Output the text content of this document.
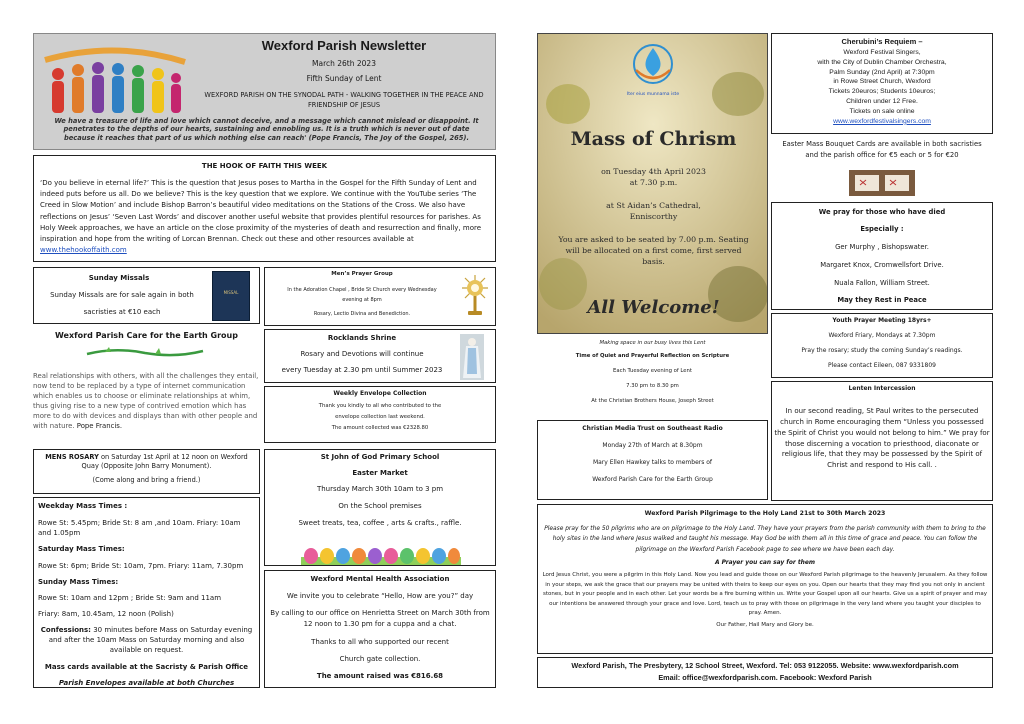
Wexford Parish Newsletter
March 26th 2023
Fifth Sunday of Lent
WEXFORD PARISH ON THE SYNODAL PATH - WALKING TOGETHER IN THE PEACE AND FRIENDSHIP OF JESUS
We have a treasure of life and love which cannot deceive, and a message which cannot mislead or disappoint. It penetrates to the depths of our hearts, sustaining and ennobling us. It is a truth which is never out of date because it reaches that part of us which nothing else can reach' (Pope Francis, The Joy of the Gospel, 265).
THE HOOK OF FAITH THIS WEEK

‘Do you believe in eternal life?’ This is the question that Jesus poses to Martha in the Gospel for the Fifth Sunday of Lent and indeed puts before us all. Do we believe? This is the key question that we explore. We continue with the YouTube series ‘The Creed in Slow Motion’ and include Bishop Barron’s beautiful video meditations on the Stations of the Cross. We also have reflections on Jesus’ ‘Seven Last Words’ and discover another useful website that provides plentiful resources for parishes. As Holy Week approaches, we have an article on the close proximity of the mysteries of death and resurrection and finally, more inspiration and hope from the writing of Lorcan Brennan. Check out these and other resources available at www.thehookoffaith.com

Sunday Missals
Sunday Missals are for sale again in both
sacristies at €10 each
MISSAL
Men’s Prayer Group
In the Adoration Chapel , Bride St Church every Wednesday
evening at 8pm
Rosary, Lectio Divina and Benediction.
Wexford Parish Care for the Earth Group

Real relationships with others, with all the challenges they entail, now tend to be replaced by a type of internet communication which enables us to choose or eliminate relationships at whim, thus giving rise to a new type of contrived emotion which has more to do with devices and displays than with other people and with nature. Pope Francis.

Rocklands Shrine
Rosary and Devotions will continue
every Tuesday at 2.30 pm until Summer 2023
Weekly Envelope Collection
Thank you kindly to all who contributed to the
envelope collection last weekend.
The amount collected was €2328.80

MENS ROSARY on Saturday 1st April at 12 noon on Wexford Quay (Opposite John Barry Monument).

(Come along and bring a friend.)
St John of God Primary School
Easter Market
Thursday March 30th 10am to 3 pm
On the School premises
Sweet treats, tea, coffee , arts & crafts., raffle.
Weekday Mass Times :
Rowe St: 5.45pm; Bride St: 8 am ,and 10am. Friary: 10am and 1.05pm
Saturday Mass Times:
Rowe St: 6pm; Bride St: 10am, 7pm. Friary: 11am, 7.30pm
Sunday Mass Times:
Rowe St: 10am and 12pm ; Bride St: 9am and 11am
Friary: 8am, 10.45am, 12 noon (Polish)

Confessions: 30 minutes before Mass on Saturday evening and after the 10am Mass on Saturday morning and also available on request.

Mass cards available at the Sacristy & Parish Office
Parish Envelopes available at both Churches
Wexford Mental Health Association
We invite you to celebrate “Hello, How are you?” day
By calling to our office on Henrietta Street on March 30th from 12 noon to 1.30 pm for a cuppa and a chat.
Thanks to all who supported our recent
Church gate collection.
The amount raised was €816.68
Iter eius munnama iste
Mass of Chrism
on Tuesday 4th April 2023
at 7.30 p.m.
at St Aidan’s Cathedral,
Enniscorthy
You are asked to be seated by 7.00 p.m. Seating will be allocated on a first come, first served basis.
All Welcome!
Making space in our busy lives this Lent
Time of Quiet and Prayerful Reflection on Scripture
Each Tuesday evening of Lent
7.30 pm to 8.30 pm
At the Christian Brothers House, Joseph Street
Christian Media Trust on Southeast Radio
Monday 27th of March at 8.30pm
Mary Ellen Hawkey talks to members of
Wexford Parish Care for the Earth Group
Cherubini’s Requiem –
Wexford Festival Singers,
with the City of Dublin Chamber Orchestra,
Palm Sunday (2nd April) at 7:30pm
in Rowe Street Church, Wexford
Tickets 20euros; Students 10euros;
Children under 12 Free.
Tickets on sale online
www.wexfordfestivalsingers.com
Easter Mass Bouquet Cards are available in both sacristies and the parish office for €5 each or 5 for €20
We pray for those who have died
Especially :
Ger Murphy , Bishopswater.
Margaret Knox, Cromwellsfort Drive.
Nuala Fallon, William Street.
May they Rest in Peace
Youth Prayer Meeting 18yrs+
Wexford Friary, Mondays at 7.30pm
Pray the rosary; study the coming Sunday’s readings.
Please contact Eileen, 087 9331809
Lenten Intercession
In our second reading, St Paul writes to the persecuted church in Rome encouraging them “Unless you possessed the Spirit of Christ you would not belong to him.” We pray for those discerning a vocation to priesthood, diaconate or religious life, that they may be possessed by the Spirit of Christ and respond to His call. .
Wexford Parish Pilgrimage to the Holy Land 21st to 30th March 2023
Please pray for the 50 pilgrims who are on pilgrimage to the Holy Land. They have your prayers from the parish community with them to bring to the holy sites in the land where Jesus walked and taught his message. May God be with them all in this time of grace and peace. You can follow the pilgrimage on the Wexford Parish Facebook page to see where we have been each day.
A Prayer you can say for them
Lord Jesus Christ, you were a pilgrim in this Holy Land. Now you lead and guide those on our Wexford Parish pilgrimage to the heavenly Jerusalem. As they follow in your steps, we ask the grace that our prayers may be united with theirs to keep our eyes on you. Open our hearts that they may find you not only in ancient stones, but in your people and in each other. Let your words be a fire burning within us. Write your Gospel upon all our hearts. Give us a spirit of prayer and may our intentions be answered through your grace and love. Lord, teach us to pray with those on pilgrimage in the very land where you taught your disciples to pray. Amen.
Our Father, Hail Mary and Glory be.
Wexford Parish, The Presbytery, 12 School Street, Wexford. Tel: 053 9122055. Website: www.wexfordparish.com
Email: office@wexfordparish.com. Facebook: Wexford Parish
